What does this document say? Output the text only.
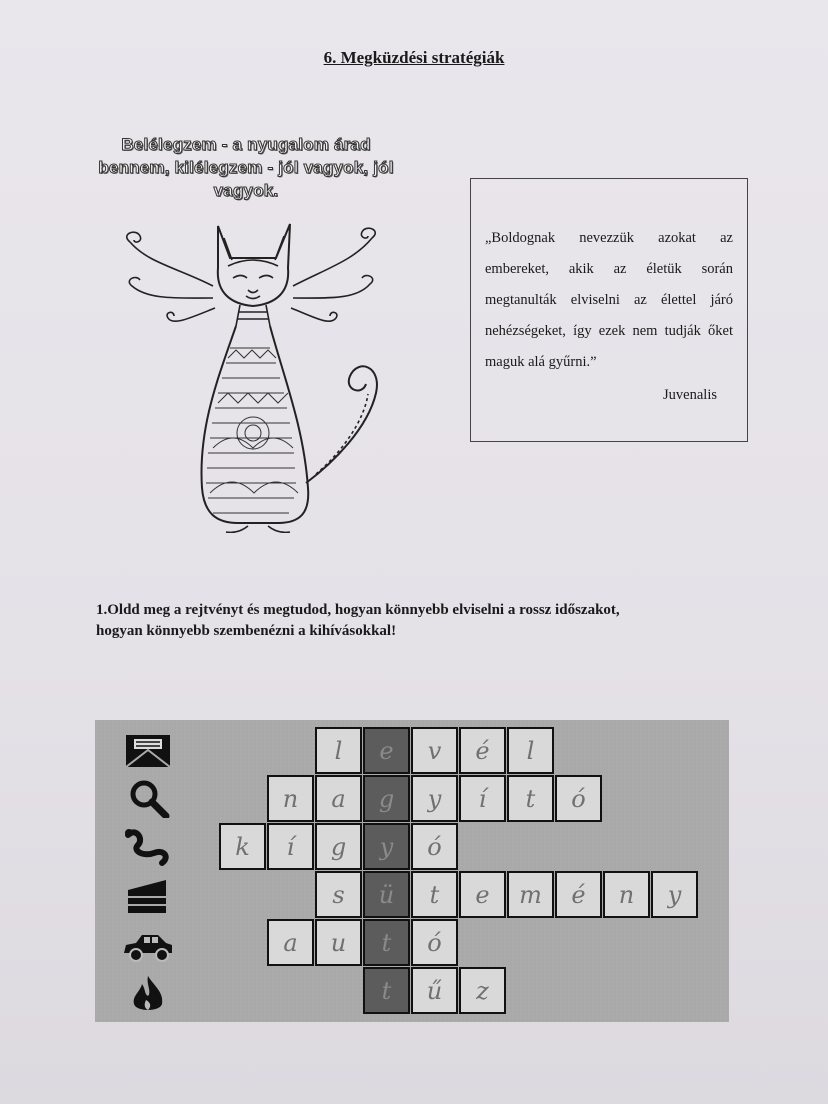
6. Megküzdési stratégiák
Belélegzem - a nyugalom árad bennem, kilélegzem - jól vagyok, jól vagyok.
„Boldognak nevezzük azokat az embereket, akik az életük során megtanulták elviselni az élettel járó nehézségeket, így ezek nem tudják őket maguk alá gyűrni.”
Juvenalis
1.Oldd meg a rejtvényt és megtudod, hogyan könnyebb elviselni a rossz időszakot,
hogyan könnyebb szembenézni a kihívásokkal!
l	e	v	é	l
n	a	g	y	í	t	ó
k	í	g	y	ó
s	ü	t	e	m	é	n	y
a	u	t	ó
t	ű	z
